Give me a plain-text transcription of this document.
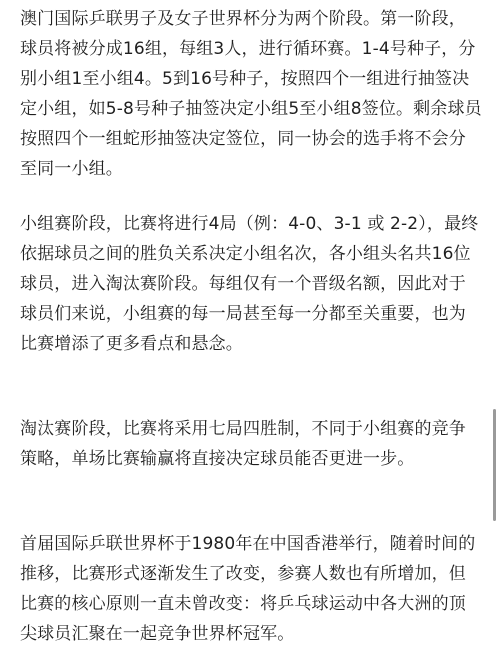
澳门国际乒联男子及女子世界杯分为两个阶段。第一阶段，球员将被分成16组，每组3人，进行循环赛。1-4号种子，分别小组1至小组4。5到16号种子，按照四个一组进行抽签决定小组，如5-8号种子抽签决定小组5至小组8签位。剩余球员按照四个一组蛇形抽签决定签位，同一协会的选手将不会分至同一小组。

小组赛阶段，比赛将进行4局（例：4-0、3-1 或 2-2），最终依据球员之间的胜负关系决定小组名次，各小组头名共16位球员，进入淘汰赛阶段。每组仅有一个晋级名额，因此对于球员们来说，小组赛的每一局甚至每一分都至关重要，也为比赛增添了更多看点和悬念。

淘汰赛阶段，比赛将采用七局四胜制，不同于小组赛的竞争策略，单场比赛输赢将直接决定球员能否更进一步。

首届国际乒联世界杯于1980年在中国香港举行，随着时间的推移，比赛形式逐渐发生了改变，参赛人数也有所增加，但比赛的核心原则一直未曾改变：将乒乓球运动中各大洲的顶尖球员汇聚在一起竞争世界杯冠军。
